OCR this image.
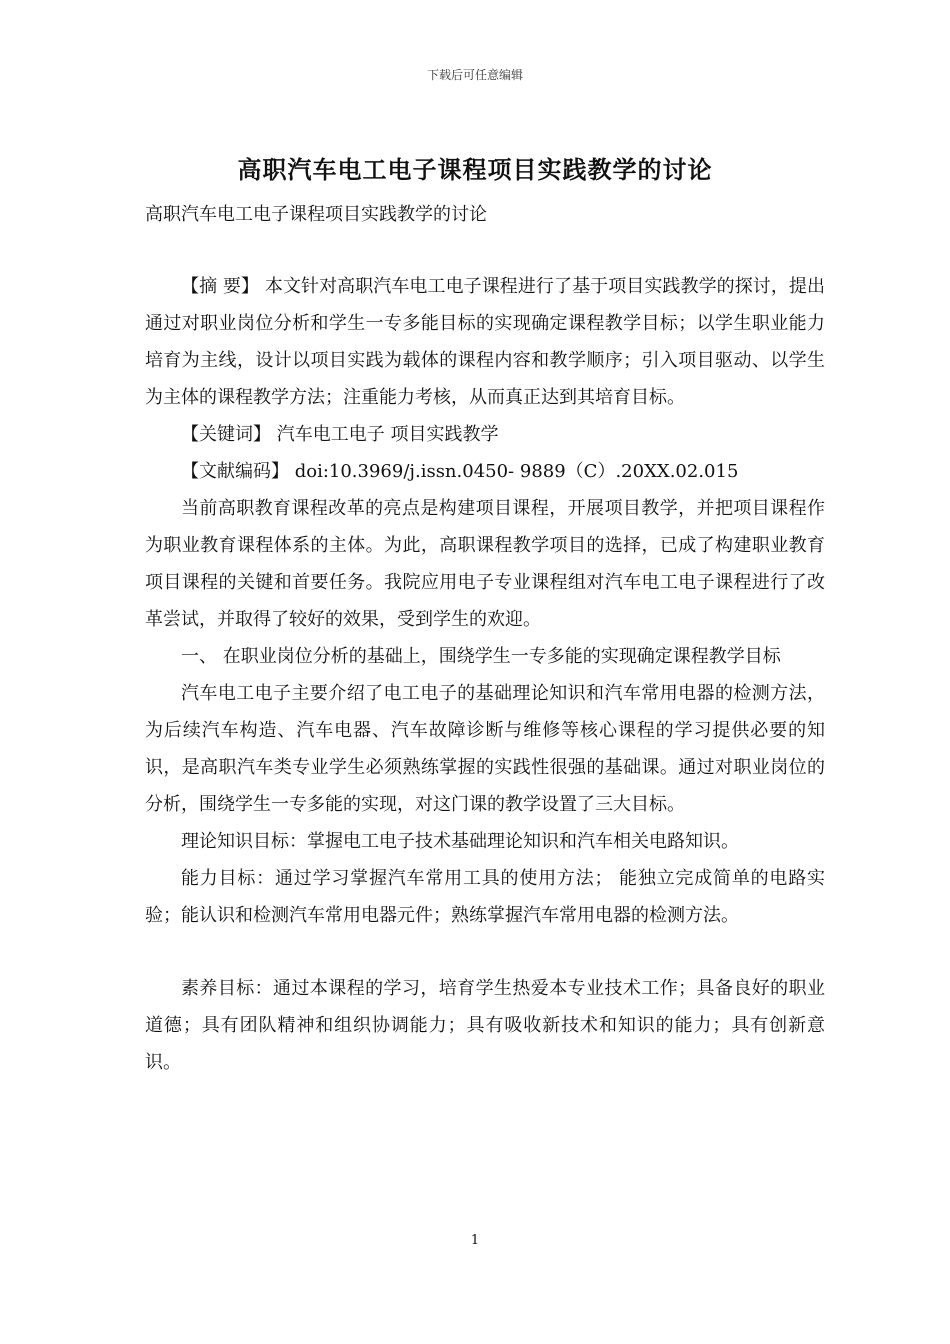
下载后可任意编辑
高职汽车电工电子课程项目实践教学的讨论
高职汽车电工电子课程项目实践教学的讨论

【摘 要】 本文针对高职汽车电工电子课程进行了基于项目实践教学的探讨，提出通过对职业岗位分析和学生一专多能目标的实现确定课程教学目标；以学生职业能力培育为主线，设计以项目实践为载体的课程内容和教学顺序；引入项目驱动、以学生为主体的课程教学方法；注重能力考核，从而真正达到其培育目标。

【关键词】 汽车电工电子 项目实践教学

【文献编码】 doi:10.3969/j.issn.0450- 9889（C）.20XX.02.015

当前高职教育课程改革的亮点是构建项目课程，开展项目教学，并把项目课程作为职业教育课程体系的主体。为此，高职课程教学项目的选择，已成了构建职业教育项目课程的关键和首要任务。我院应用电子专业课程组对汽车电工电子课程进行了改革尝试，并取得了较好的效果，受到学生的欢迎。

一、 在职业岗位分析的基础上，围绕学生一专多能的实现确定课程教学目标

汽车电工电子主要介绍了电工电子的基础理论知识和汽车常用电器的检测方法，为后续汽车构造、汽车电器、汽车故障诊断与维修等核心课程的学习提供必要的知识，是高职汽车类专业学生必须熟练掌握的实践性很强的基础课。通过对职业岗位的分析，围绕学生一专多能的实现，对这门课的教学设置了三大目标。

理论知识目标：掌握电工电子技术基础理论知识和汽车相关电路知识。

能力目标：通过学习掌握汽车常用工具的使用方法； 能独立完成简单的电路实验；能认识和检测汽车常用电器元件；熟练掌握汽车常用电器的检测方法。

素养目标：通过本课程的学习，培育学生热爱本专业技术工作；具备良好的职业道德；具有团队精神和组织协调能力；具有吸收新技术和知识的能力；具有创新意识。

1
